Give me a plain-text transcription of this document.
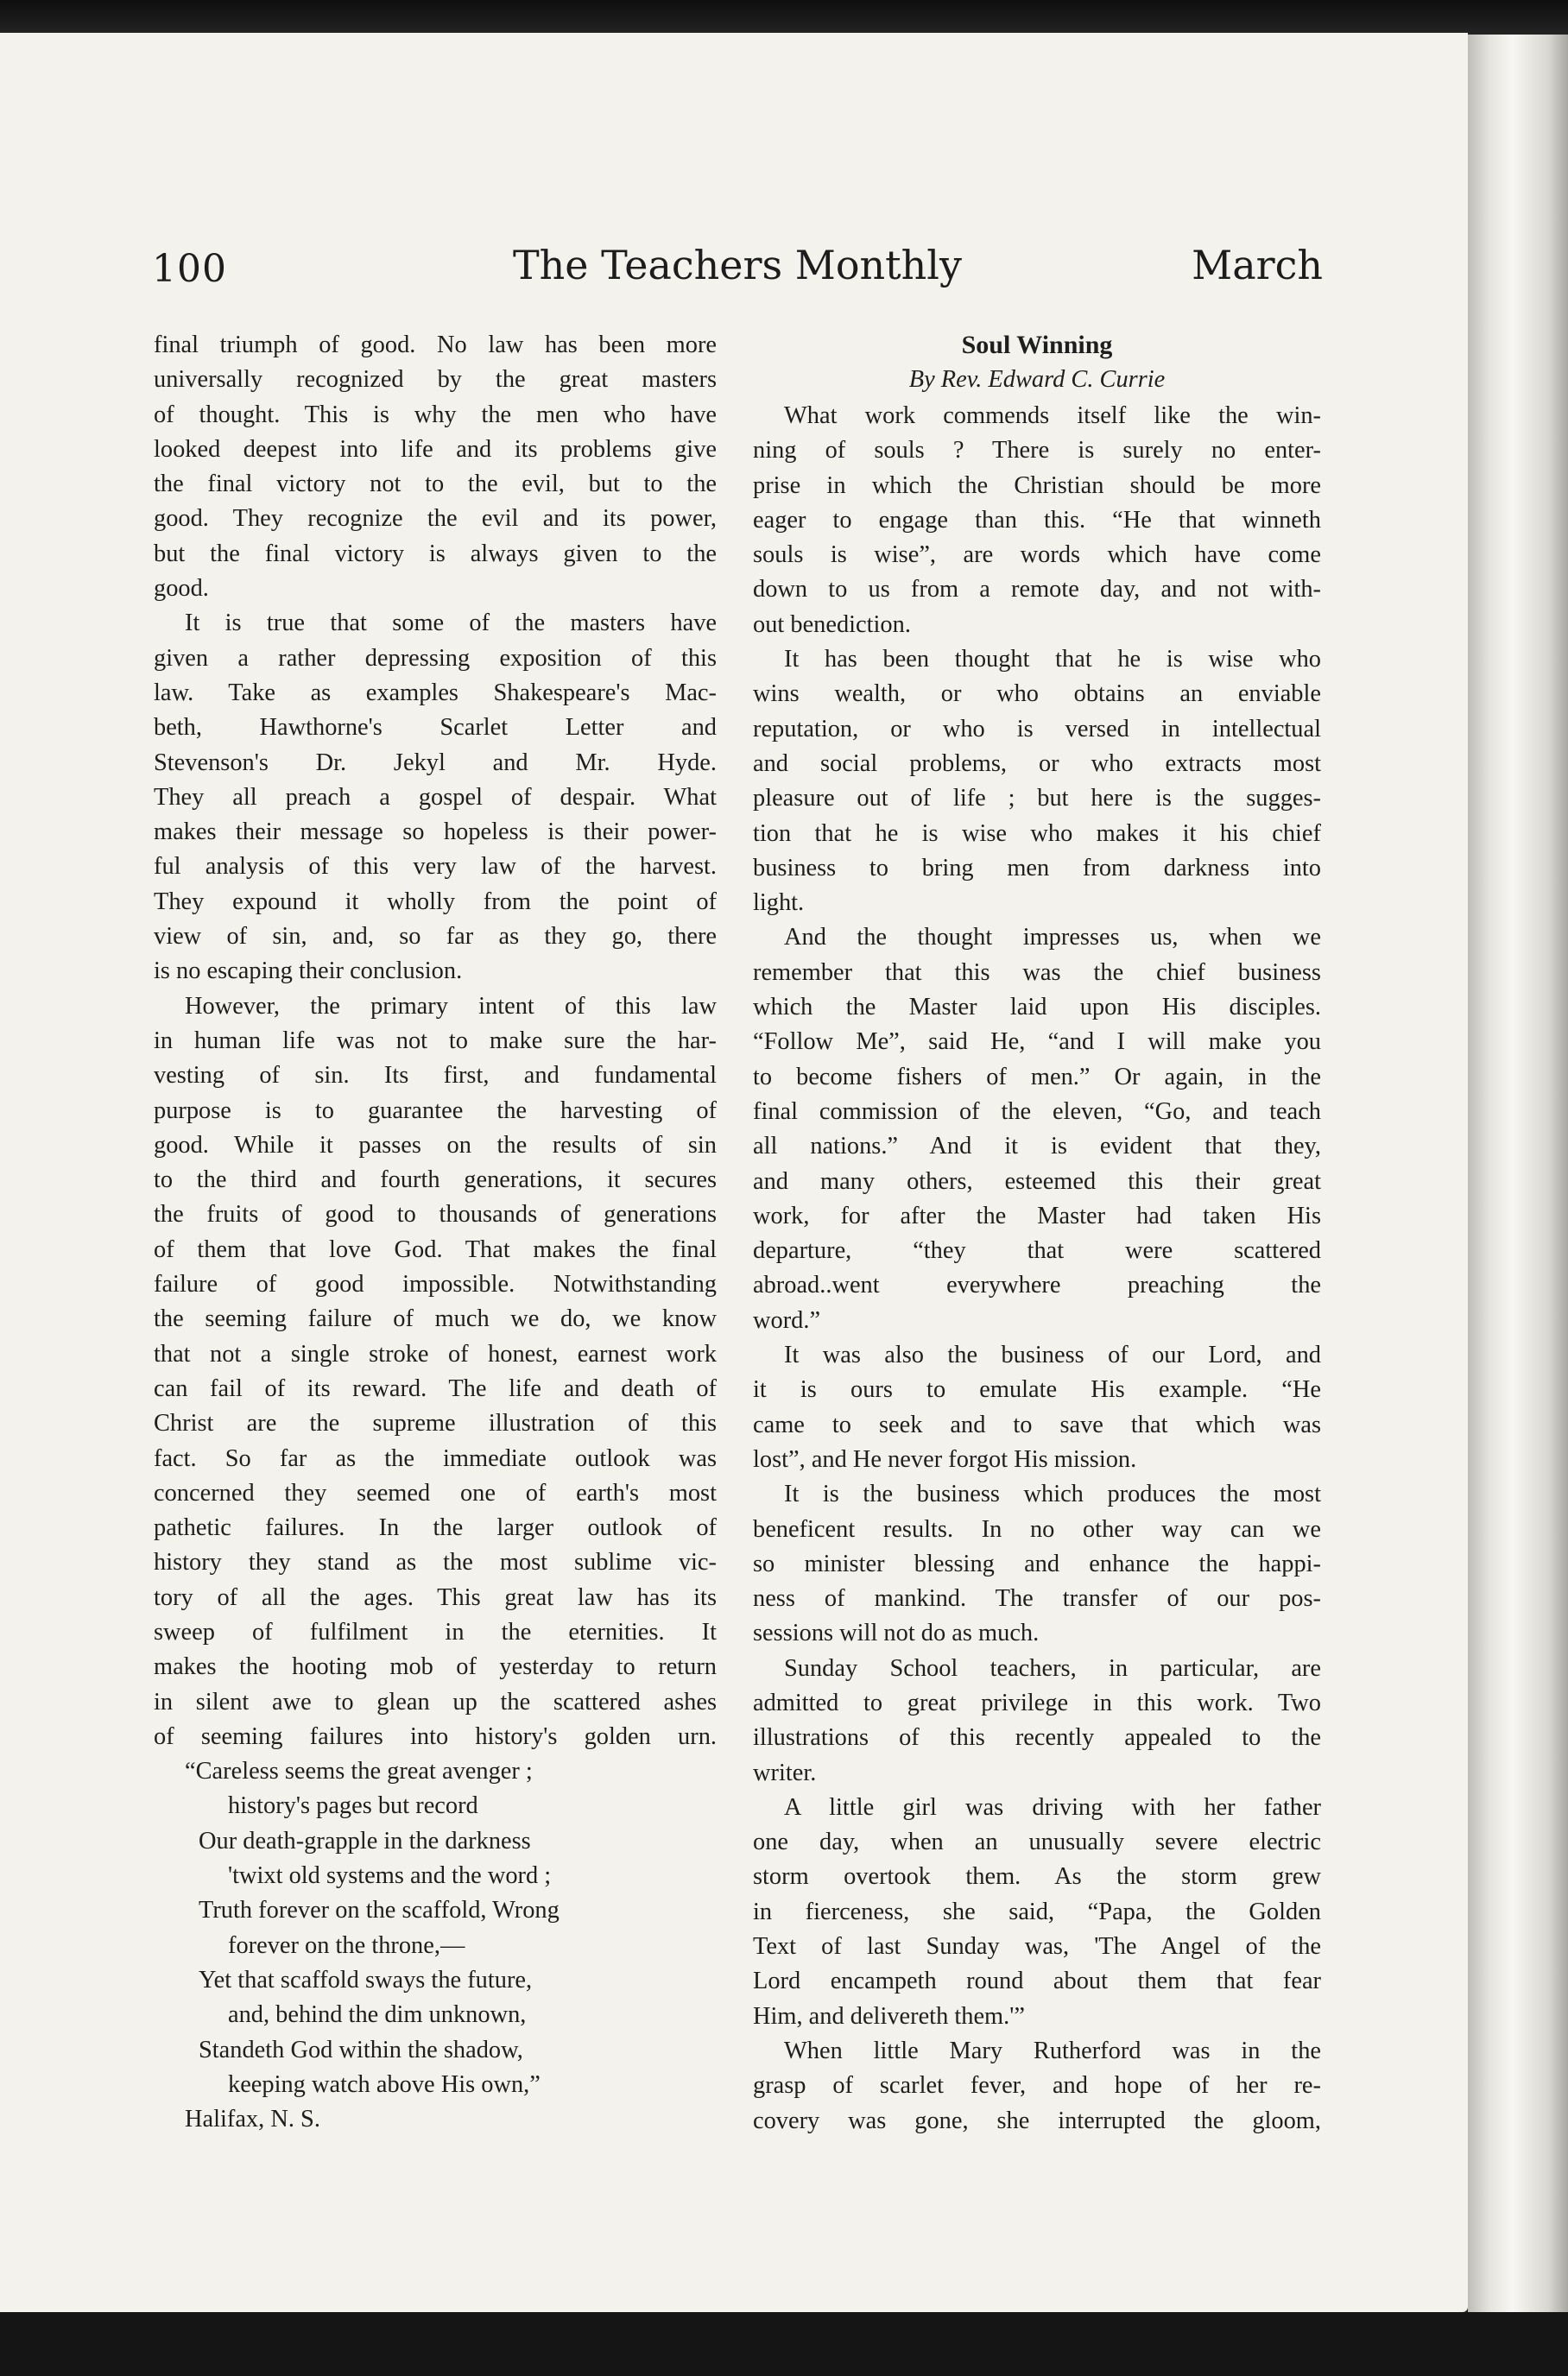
100	The Teachers Monthly	March
final triumph of good. No law has been more
universally recognized by the great masters
of thought. This is why the men who have
looked deepest into life and its problems give
the final victory not to the evil, but to the
good. They recognize the evil and its power,
but the final victory is always given to the
good.
It is true that some of the masters have
given a rather depressing exposition of this
law. Take as examples Shakespeare's Mac-
beth, Hawthorne's Scarlet Letter and
Stevenson's Dr. Jekyl and Mr. Hyde.
They all preach a gospel of despair. What
makes their message so hopeless is their power-
ful analysis of this very law of the harvest.
They expound it wholly from the point of
view of sin, and, so far as they go, there
is no escaping their conclusion.
However, the primary intent of this law
in human life was not to make sure the har-
vesting of sin. Its first, and fundamental
purpose is to guarantee the harvesting of
good. While it passes on the results of sin
to the third and fourth generations, it secures
the fruits of good to thousands of generations
of them that love God. That makes the final
failure of good impossible. Notwithstanding
the seeming failure of much we do, we know
that not a single stroke of honest, earnest work
can fail of its reward. The life and death of
Christ are the supreme illustration of this
fact. So far as the immediate outlook was
concerned they seemed one of earth's most
pathetic failures. In the larger outlook of
history they stand as the most sublime vic-
tory of all the ages. This great law has its
sweep of fulfilment in the eternities. It
makes the hooting mob of yesterday to return
in silent awe to glean up the scattered ashes
of seeming failures into history's golden urn.
“Careless seems the great avenger ;
history's pages but record
Our death-grapple in the darkness
'twixt old systems and the word ;
Truth forever on the scaffold, Wrong
forever on the throne,—
Yet that scaffold sways the future,
and, behind the dim unknown,
Standeth God within the shadow,
keeping watch above His own,”
Halifax, N. S.
Soul Winning
By Rev. Edward C. Currie
What work commends itself like the win-
ning of souls ? There is surely no enter-
prise in which the Christian should be more
eager to engage than this. “He that winneth
souls is wise”, are words which have come
down to us from a remote day, and not with-
out benediction.
It has been thought that he is wise who
wins wealth, or who obtains an enviable
reputation, or who is versed in intellectual
and social problems, or who extracts most
pleasure out of life ; but here is the sugges-
tion that he is wise who makes it his chief
business to bring men from darkness into
light.
And the thought impresses us, when we
remember that this was the chief business
which the Master laid upon His disciples.
“Follow Me”, said He, “and I will make you
to become fishers of men.” Or again, in the
final commission of the eleven, “Go, and teach
all nations.” And it is evident that they,
and many others, esteemed this their great
work, for after the Master had taken His
departure, “they that were scattered
abroad..went everywhere preaching the
word.”
It was also the business of our Lord, and
it is ours to emulate His example. “He
came to seek and to save that which was
lost”, and He never forgot His mission.
It is the business which produces the most
beneficent results. In no other way can we
so minister blessing and enhance the happi-
ness of mankind. The transfer of our pos-
sessions will not do as much.
Sunday School teachers, in particular, are
admitted to great privilege in this work. Two
illustrations of this recently appealed to the
writer.
A little girl was driving with her father
one day, when an unusually severe electric
storm overtook them. As the storm grew
in fierceness, she said, “Papa, the Golden
Text of last Sunday was, 'The Angel of the
Lord encampeth round about them that fear
Him, and delivereth them.'”
When little Mary Rutherford was in the
grasp of scarlet fever, and hope of her re-
covery was gone, she interrupted the gloom,
